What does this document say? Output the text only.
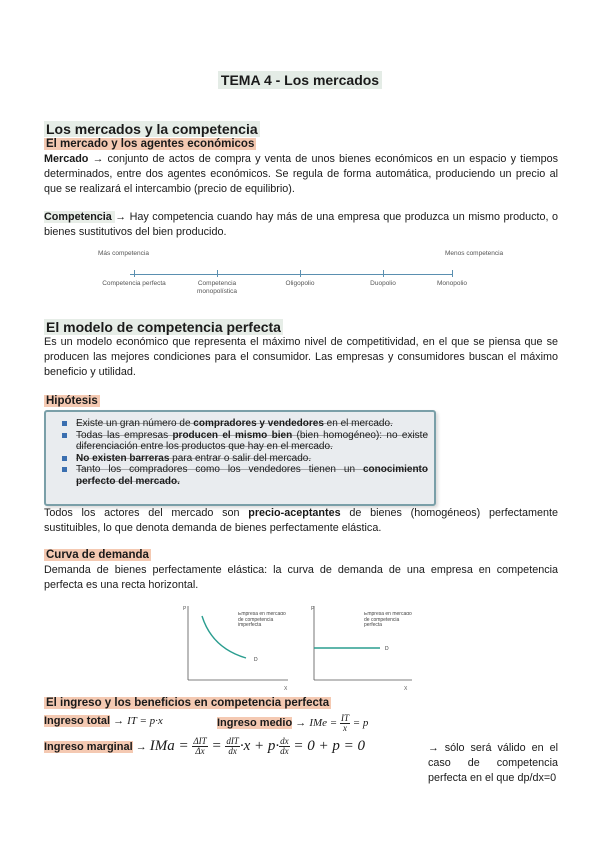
TEMA 4 - Los mercados
Los mercados y la competencia
El mercado y los agentes económicos
Mercado → conjunto de actos de compra y venta de unos bienes económicos en un espacio y tiempos determinados, entre dos agentes económicos. Se regula de forma automática, produciendo un precio al que se realizará el intercambio (precio de equilibrio).
Competencia → Hay competencia cuando hay más de una empresa que produzca un mismo producto, o bienes sustitutivos del bien producido.
Más competencia	Menos competencia
Competencia perfecta	Competencia monopolística
Oligopolio	Duopolio	Monopolio
El modelo de competencia perfecta
Es un modelo económico que representa el máximo nivel de competitividad, en el que se piensa que se producen las mejores condiciones para el consumidor. Las empresas y consumidores buscan el máximo beneficio y utilidad.
Hipótesis
Existe un gran número de compradores y vendedores en el mercado.
Todas las empresas producen el mismo bien (bien homogéneo): no existe diferenciación entre los productos que hay en el mercado.
No existen barreras para entrar o salir del mercado.
Tanto los compradores como los vendedores tienen un conocimiento perfecto del mercado.
Todos los actores del mercado son precio-aceptantes de bienes (homogéneos) perfectamente sustituibles, lo que denota demanda de bienes perfectamente elástica.
Curva de demanda
Demanda de bienes perfectamente elástica: la curva de demanda de una empresa en competencia perfecta es una recta horizontal.
P
X
D
Empresa en mercado de competencia imperfecta
P
X
D
Empresa en mercado de competencia perfecta
El ingreso y los beneficios en competencia perfecta
Ingreso total → IT = p·x	Ingreso medio → IMe = $\frac{IT}{x} = p$
Ingreso marginal → IMa = $\frac{\text{ΔIT}}{\Delta x} = \frac{\text{dIT}}{dx} \cdot x + p\cdot \frac{dx}{dx} = 0 + p = 0$	→ sólo será válido en el caso de competencia perfecta en el que dp/dx=0
